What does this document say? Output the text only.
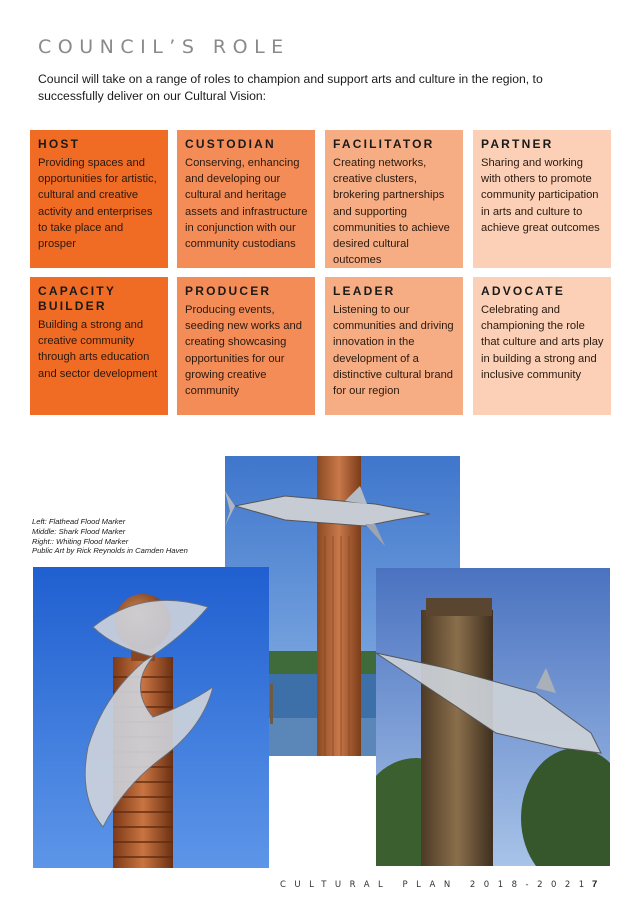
COUNCIL’S ROLE

Council will take on a range of roles to champion and support arts and culture in the region, to successfully deliver on our Cultural Vision:

HOST
Providing spaces and opportunities for artistic, cultural and creative activity and enterprises to take place and prosper
CUSTODIAN
Conserving, enhancing and developing our cultural and heritage assets and infrastructure in conjunction with our community custodians
FACILITATOR
Creating networks, creative clusters, brokering partnerships and supporting communities to achieve desired cultural outcomes
PARTNER
Sharing and working with others to promote community participation in arts and culture to achieve great outcomes
CAPACITY BUILDER
Building a strong and creative community through arts education and sector development
PRODUCER
Producing events, seeding new works and creating showcasing opportunities for our growing creative community
LEADER
Listening to our communities and driving innovation in the development of a distinctive cultural brand for our region
ADVOCATE
Celebrating and championing the role that culture and arts play in building a strong and inclusive community
Left: Flathead Flood Marker
Middle: Shark Flood Marker
Right:: Whiting Flood Marker
Public Art by Rick Reynolds in Camden Haven
CULTURAL PLAN 2018-2021 7
